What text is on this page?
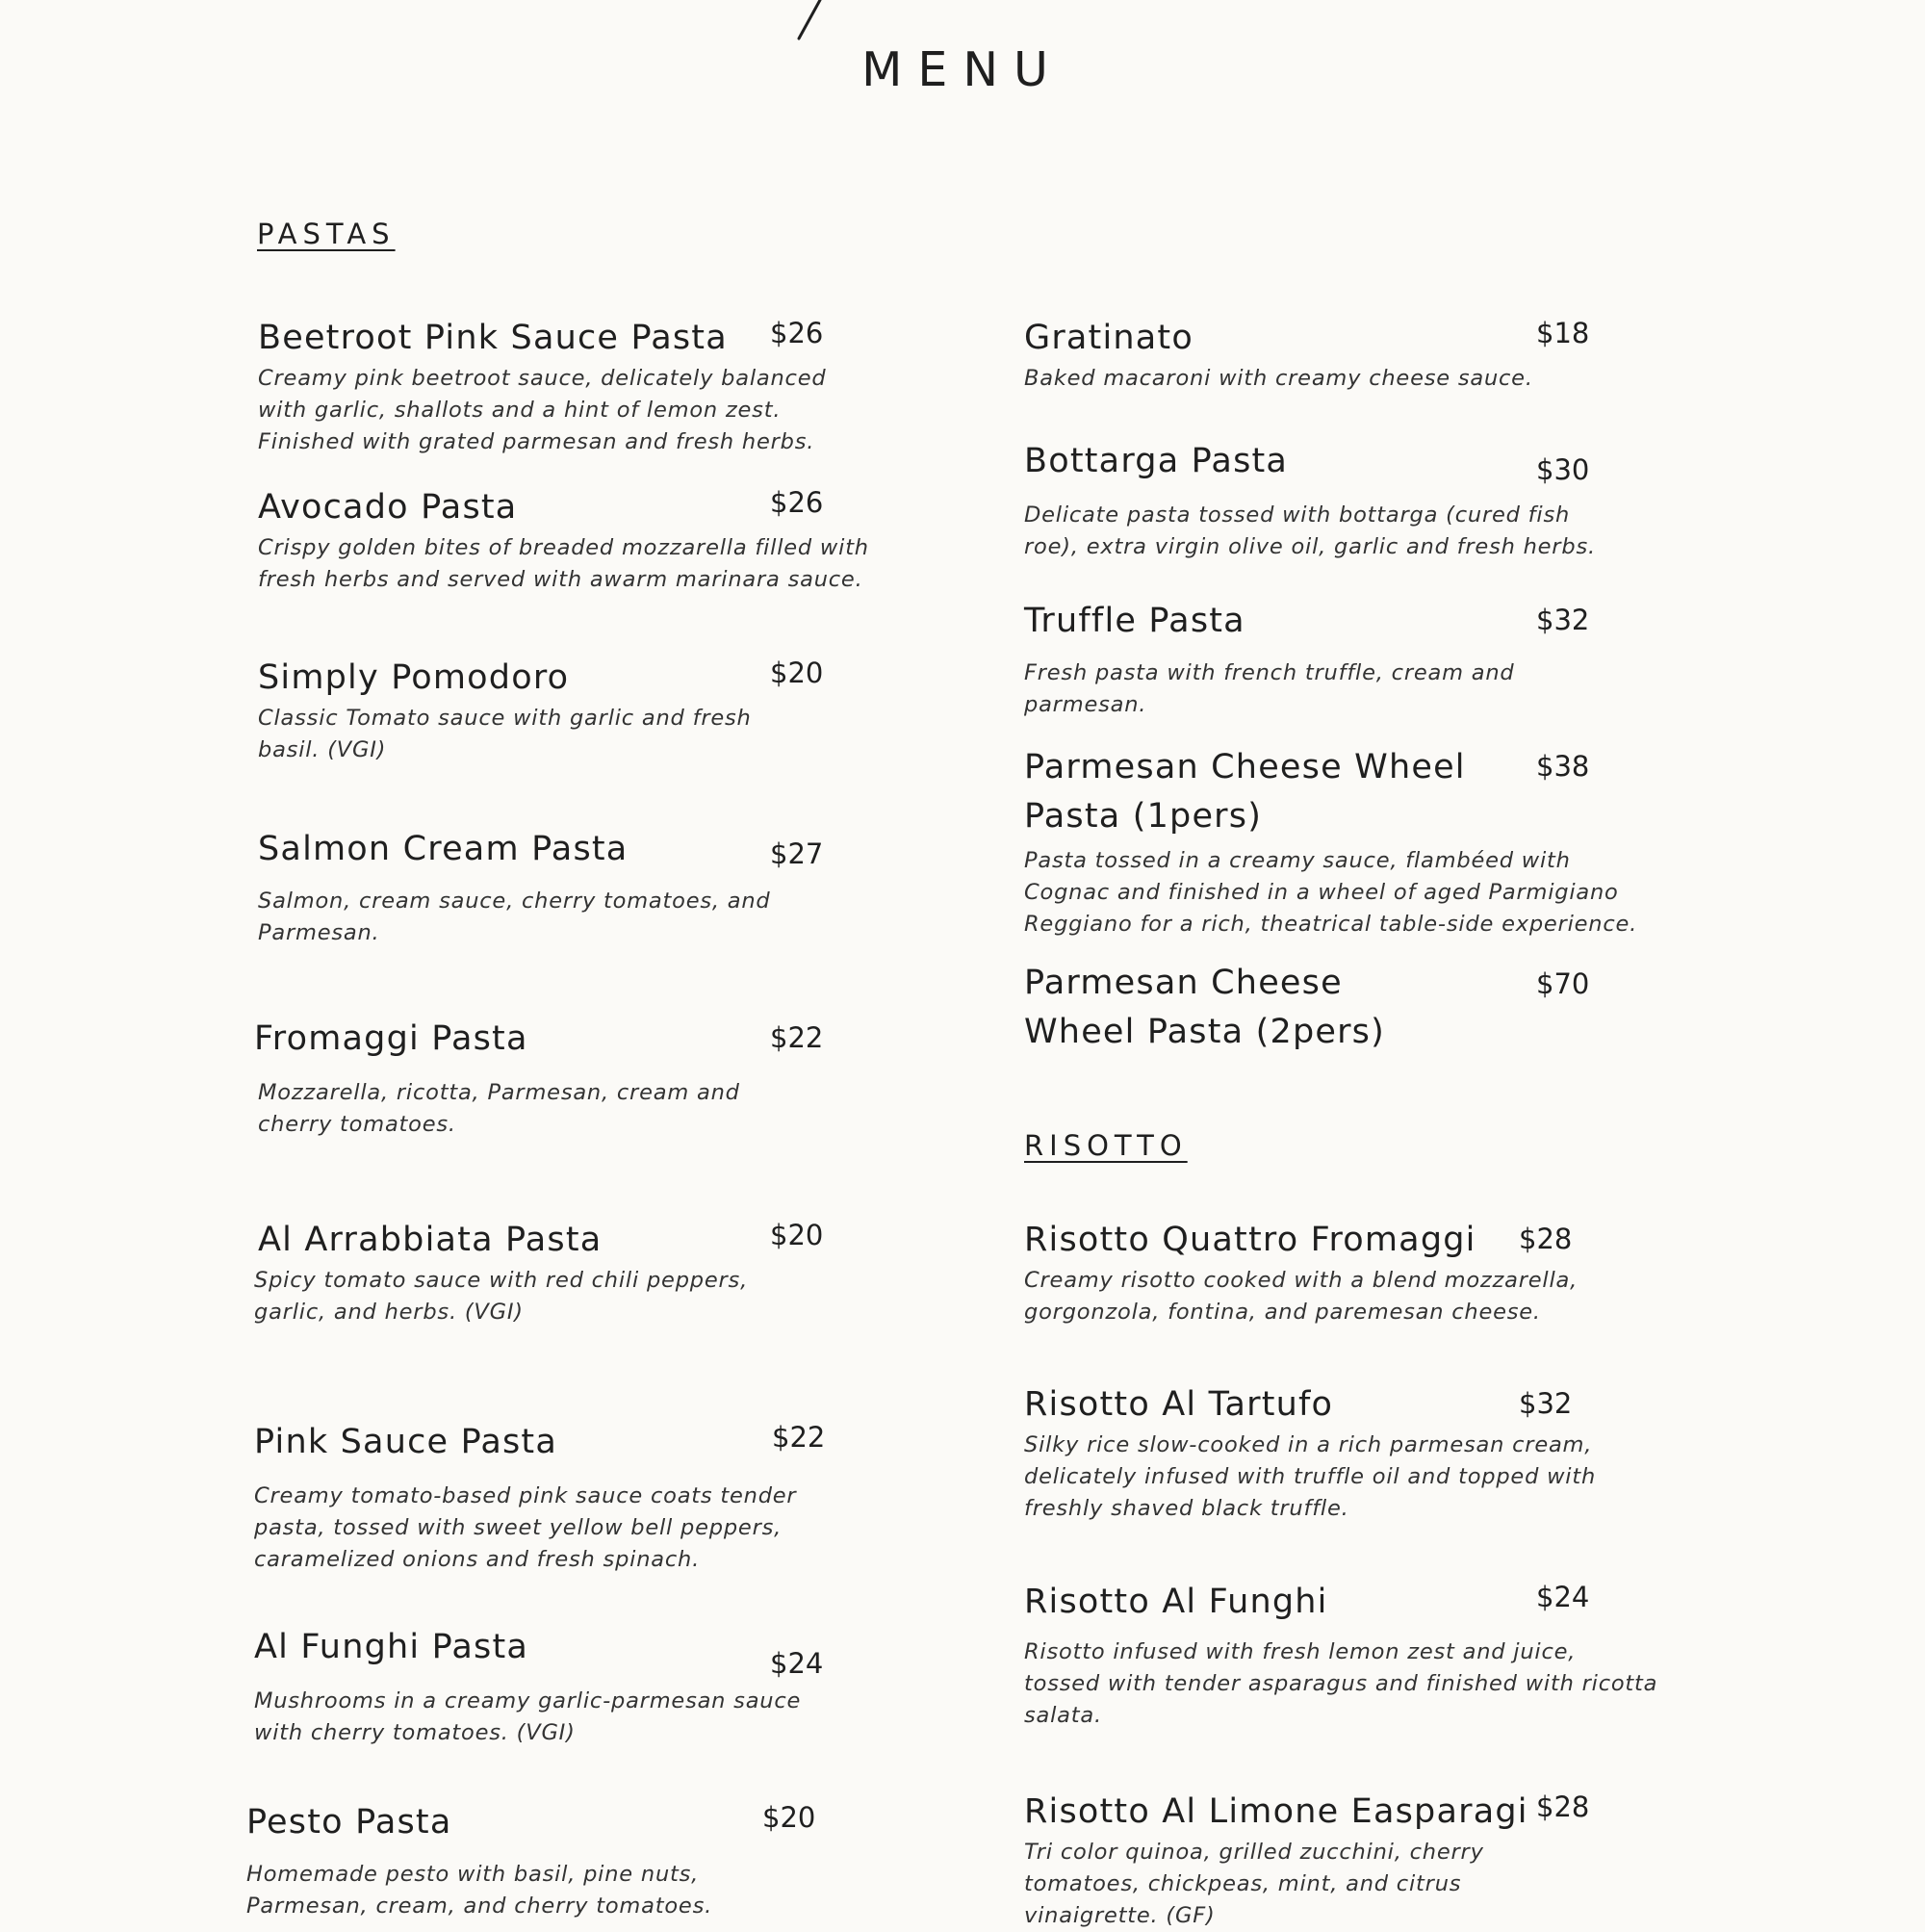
MENU
PASTAS
RISOTTO
Beetroot Pink Sauce Pasta	$26
Creamy pink beetroot sauce, delicately balanced with garlic, shallots and a hint of lemon zest. Finished with grated parmesan and fresh herbs.
Avocado Pasta	$26
Crispy golden bites of breaded mozzarella filled with fresh herbs and served with awarm marinara sauce.
Simply Pomodoro	$20
Classic Tomato sauce with garlic and fresh basil. (VGI)
Salmon Cream Pasta	$27
Salmon, cream sauce, cherry tomatoes, and Parmesan.
Fromaggi Pasta	$22
Mozzarella, ricotta, Parmesan, cream and cherry tomatoes.
Al Arrabbiata Pasta	$20
Spicy tomato sauce with red chili peppers, garlic, and herbs. (VGI)
Pink Sauce Pasta	$22
Creamy tomato-based pink sauce coats tender pasta, tossed with sweet yellow bell peppers, caramelized onions and fresh spinach.
Al Funghi Pasta	$24
Mushrooms in a creamy garlic-parmesan sauce with cherry tomatoes. (VGI)
Pesto Pasta	$20
Homemade pesto with basil, pine nuts, Parmesan, cream, and cherry tomatoes.
Gratinato	$18
Baked macaroni with creamy cheese sauce.
Bottarga Pasta	$30
Delicate pasta tossed with bottarga (cured fish roe), extra virgin olive oil, garlic and fresh herbs.
Truffle Pasta	$32
Fresh pasta with french truffle, cream and parmesan.
Parmesan Cheese Wheel Pasta (1pers)
$38
Pasta tossed in a creamy sauce, flambéed with Cognac and finished in a wheel of aged Parmigiano Reggiano for a rich, theatrical table-side experience.
Parmesan Cheese Wheel Pasta (2pers)
$70
Risotto Quattro Fromaggi	$28
Creamy risotto cooked with a blend mozzarella, gorgonzola, fontina, and paremesan cheese.
Risotto Al Tartufo	$32
Silky rice slow-cooked in a rich parmesan cream, delicately infused with truffle oil and topped with freshly shaved black truffle.
Risotto Al Funghi	$24
Risotto infused with fresh lemon zest and juice, tossed with tender asparagus and finished with ricotta salata.
Risotto Al Limone Easparagi $28
Tri color quinoa, grilled zucchini, cherry tomatoes, chickpeas, mint, and citrus vinaigrette. (GF)
